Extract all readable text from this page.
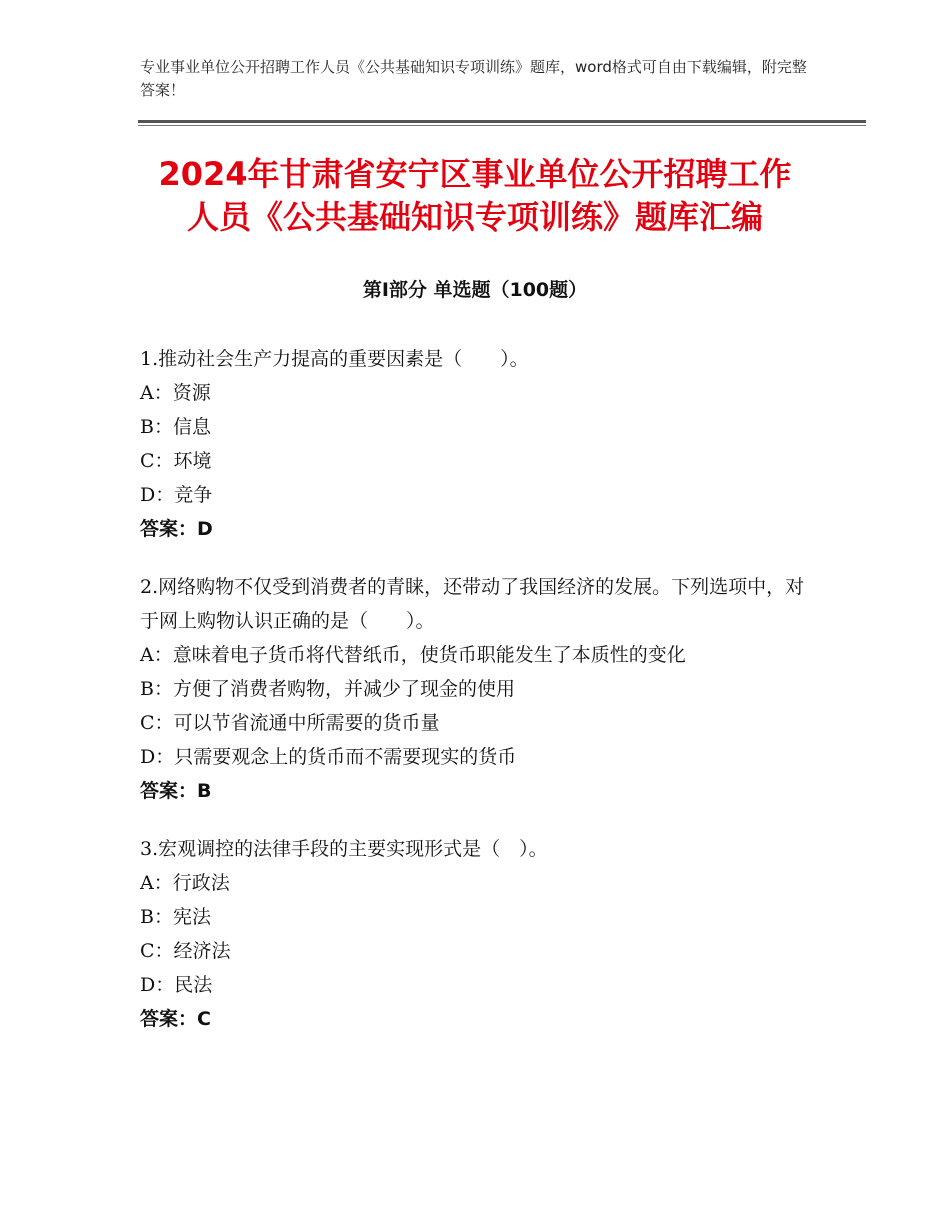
专业事业单位公开招聘工作人员《公共基础知识专项训练》题库，word格式可自由下载编辑，附完整答案！
2024年甘肃省安宁区事业单位公开招聘工作
人员《公共基础知识专项训练》题库汇编
第Ⅰ部分 单选题（100题）
1.推动社会生产力提高的重要因素是（　　）。
A：资源
B：信息
C：环境
D：竞争
答案：D
2.网络购物不仅受到消费者的青睐，还带动了我国经济的发展。下列选项中，对于网上购物认识正确的是（　　）。
A：意味着电子货币将代替纸币，使货币职能发生了本质性的变化
B：方便了消费者购物，并减少了现金的使用
C：可以节省流通中所需要的货币量
D：只需要观念上的货币而不需要现实的货币
答案：B
3.宏观调控的法律手段的主要实现形式是（　）。
A：行政法
B：宪法
C：经济法
D：民法
答案：C
